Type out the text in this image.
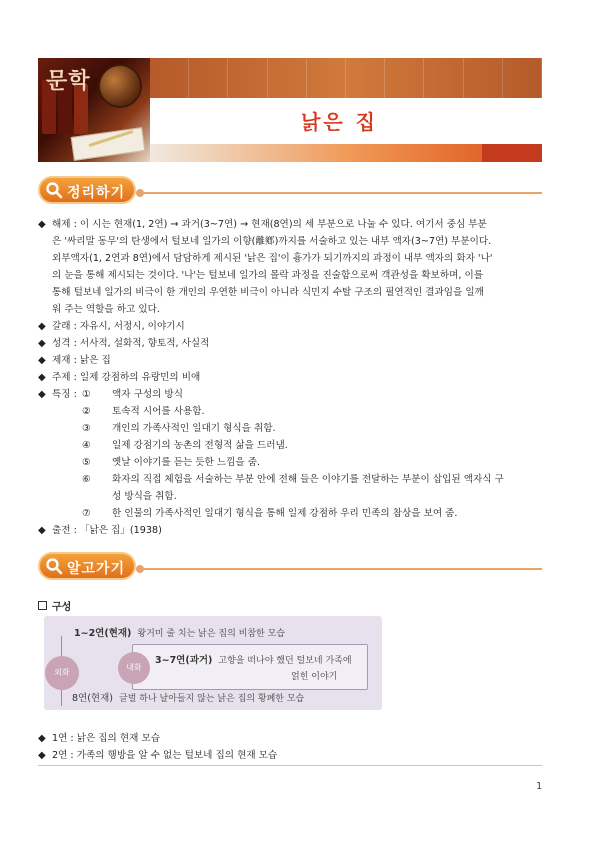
문학
낡은 집
정리하기
◆ 해제 : 이 시는 현재(1, 2연) → 과거(3~7연) → 현재(8연)의 세 부분으로 나눌 수 있다. 여기서 중심 부분

은 '싸리말 동무'의 탄생에서 털보네 일가의 이향(離鄕)까지를 서술하고 있는 내부 액자(3~7연) 부분이다.

외부액자(1, 2연과 8연)에서 담담하게 제시된 '낡은 집'이 흉가가 되기까지의 과정이 내부 액자의 화자 '나'

의 눈을 통해 제시되는 것이다. '나'는 털보네 일가의 몰락 과정을 진술함으로써 객관성을 확보하며, 이를

통해 털보네 일가의 비극이 한 개인의 우연한 비극이 아니라 식민지 수탈 구조의 필연적인 결과임을 일깨

워 주는 역할을 하고 있다.

◆ 갈래 : 자유시, 서정시, 이야기시
◆ 성격 : 서사적, 설화적, 향토적, 사실적
◆ 제재 : 낡은 집
◆ 주제 : 일제 강점하의 유랑민의 비애
◆ 특징 : ① 액자 구성의 방식
② 토속적 시어를 사용함.
③ 개인의 가족사적인 일대기 형식을 취함.
④ 일제 강점기의 농촌의 전형적 삶을 드러냄.
⑤ 옛날 이야기를 듣는 듯한 느낌을 줌.
⑥ 화자의 직접 체험을 서술하는 부분 안에 전해 들은 이야기를 전달하는 부분이 삽입된 액자식 구
성 방식을 취함.
⑦ 한 인물의 가족사적인 일대기 형식을 통해 일제 강점하 우리 민족의 참상을 보여 줌.
◆ 출전 : 「낡은 집」(1938)
알고가기
구성
1~2연(현재) 왕거미 줄 치는 낡은 집의 비참한 모습
3~7연(과거) 고향을 떠나야 했던 털보네 가족에
얽힌 이야기
외화
내화
8연(현재) 글벌 하나 날아들지 않는 낡은 집의 황폐한 모습
◆ 1연 : 낡은 집의 현재 모습
◆ 2연 : 가족의 행방을 알 수 없는 털보네 집의 현재 모습
1
